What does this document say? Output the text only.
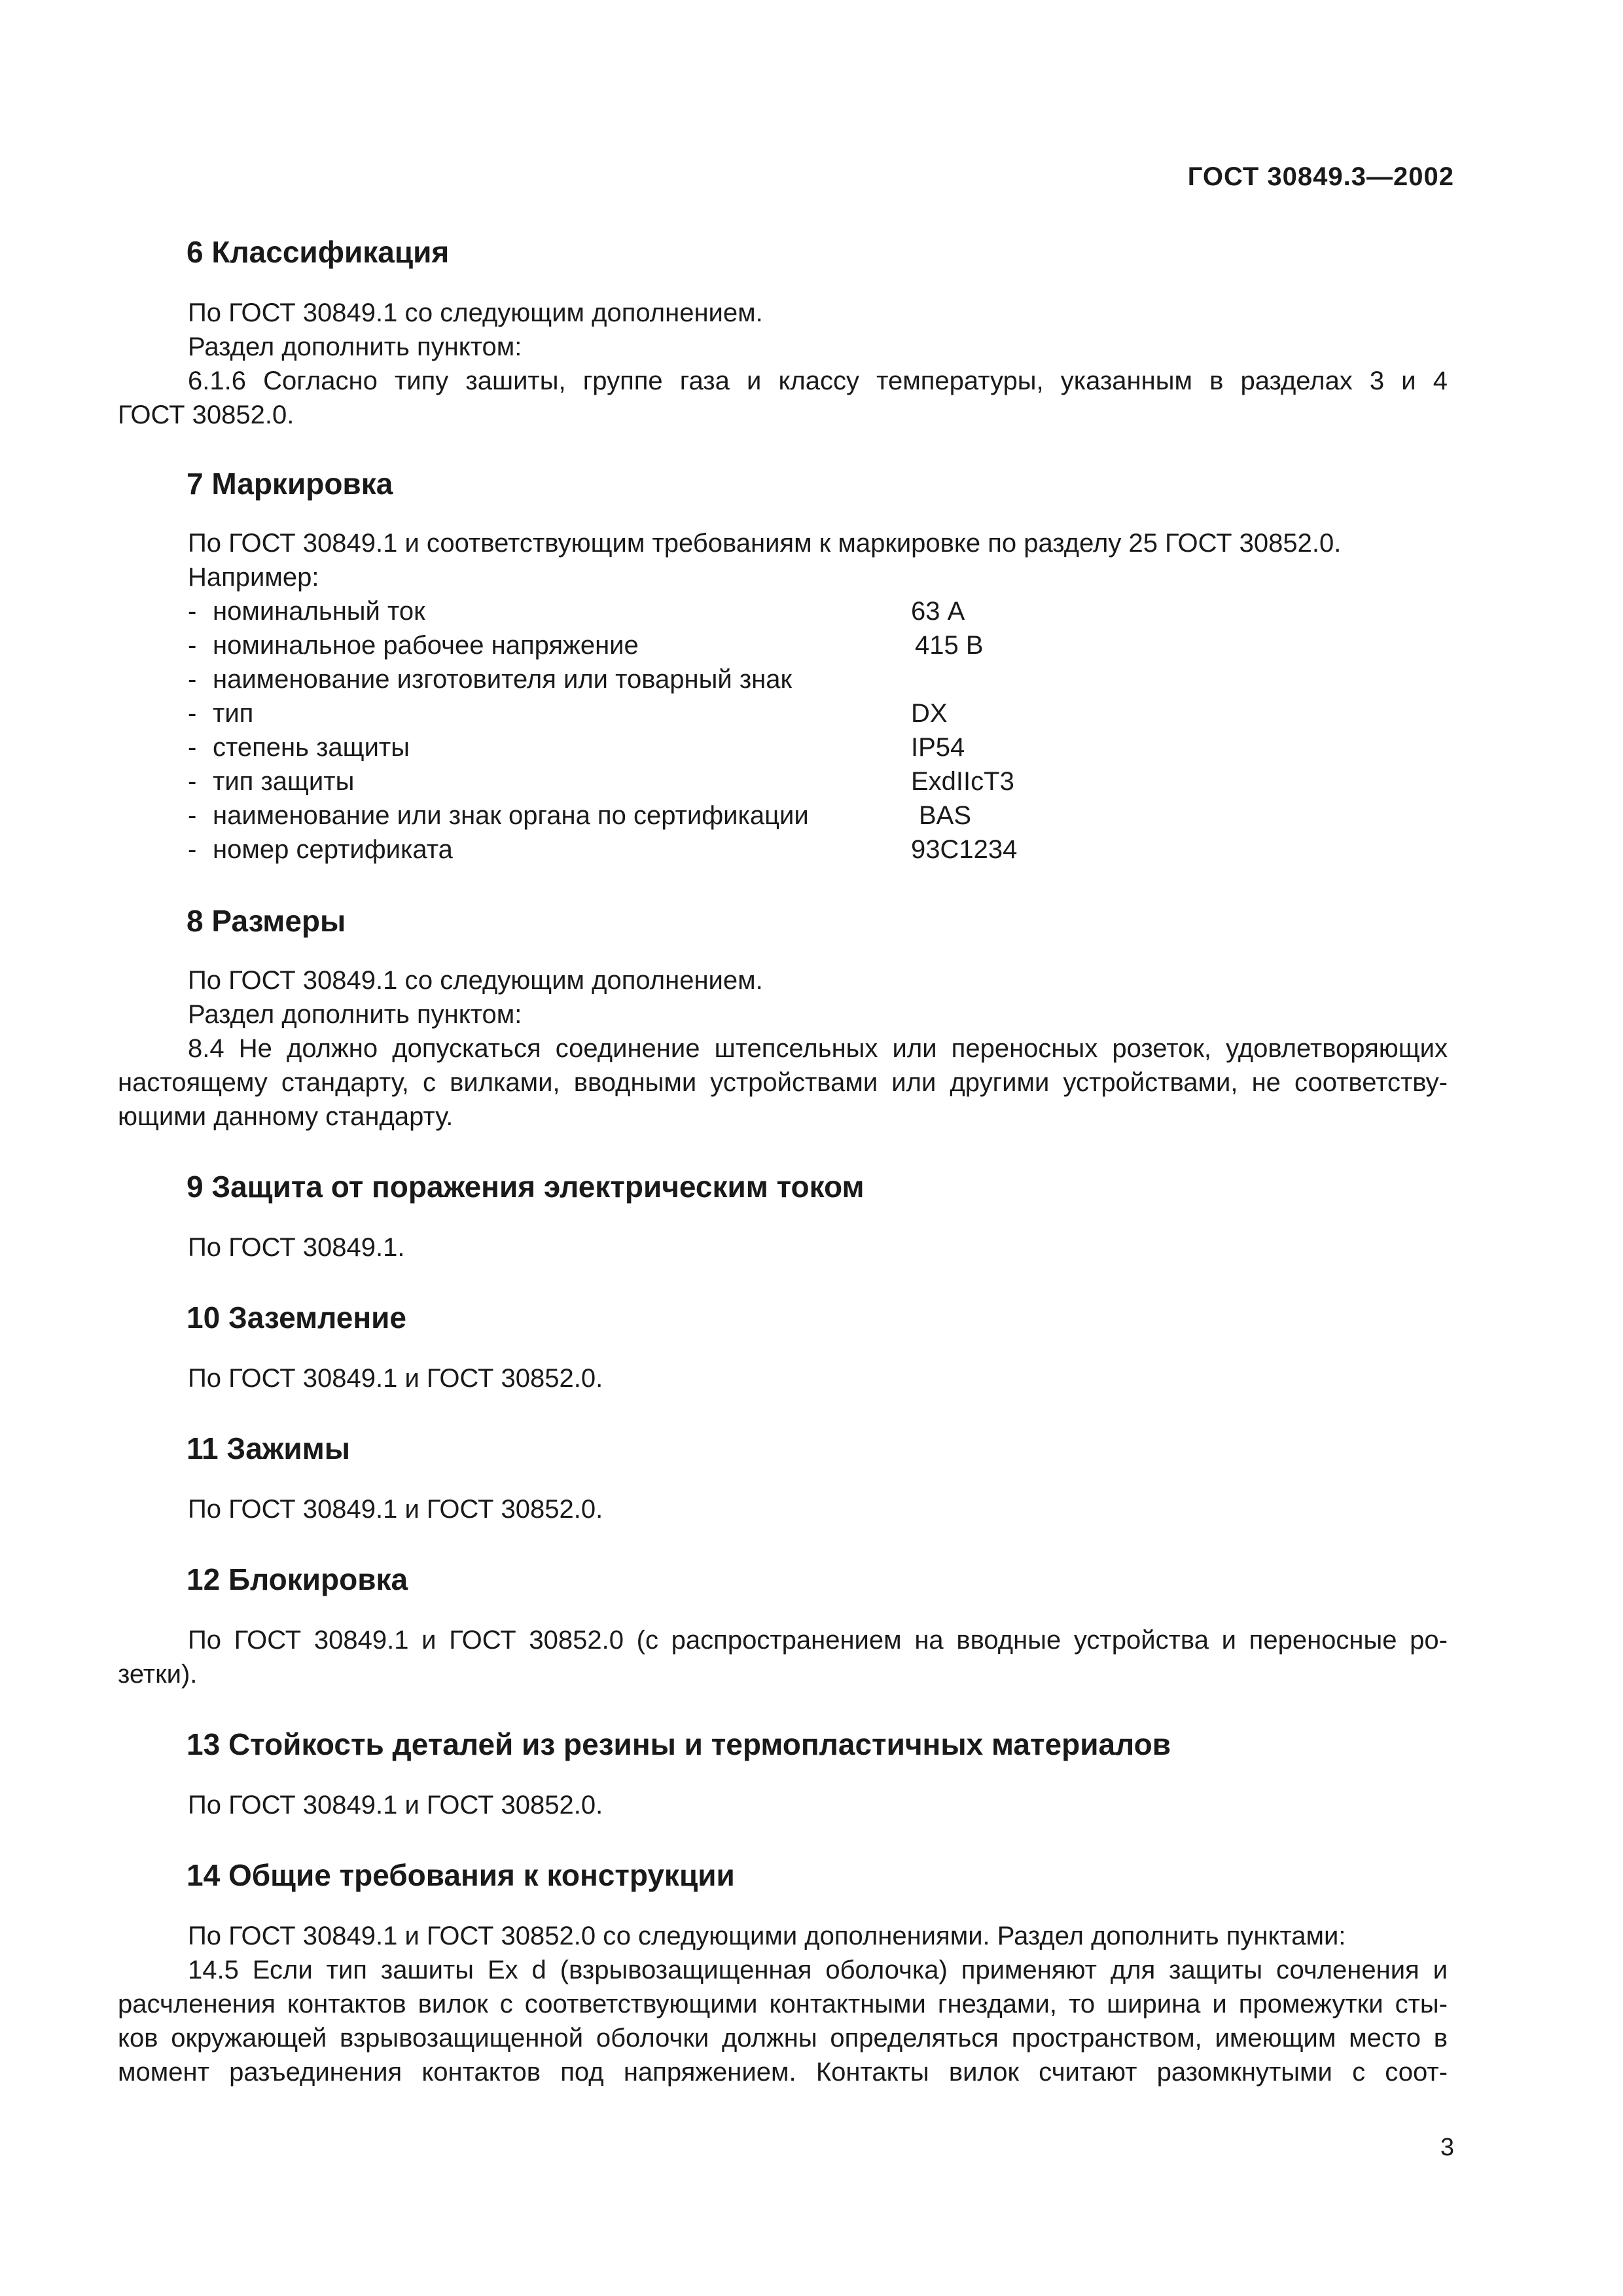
ГОСТ 30849.3—2002
6 Классификация

По ГОСТ 30849.1 со следующим дополнением.

Раздел дополнить пунктом:

6.1.6 Согласно типу зашиты, группе газа и классу температуры, указанным в разделах 3 и 4

ГОСТ 30852.0.

7 Маркировка

По ГОСТ 30849.1 и соответствующим требованиям к маркировке по разделу 25 ГОСТ 30852.0.

Например:

- номинальный ток	63 А

- номинальное рабочее напряжение	415 В

- наименование изготовителя или товарный знак

- тип	DX

- степень защиты	IP54

- тип защиты	ExdIIcT3

- наименование или знак органа по сертификации	BAS

- номер сертификата	93С1234

8 Размеры

По ГОСТ 30849.1 со следующим дополнением.

Раздел дополнить пунктом:

8.4 Не должно допускаться соединение штепсельных или переносных розеток, удовлетворяющих

настоящему стандарту, с вилками, вводными устройствами или другими устройствами, не соответству-

ющими данному стандарту.

9 Защита от поражения электрическим током

По ГОСТ 30849.1.

10 Заземление

По ГОСТ 30849.1 и ГОСТ 30852.0.

11 Зажимы

По ГОСТ 30849.1 и ГОСТ 30852.0.

12 Блокировка

По ГОСТ 30849.1 и ГОСТ 30852.0 (с распространением на вводные устройства и переносные ро-

зетки).

13 Стойкость деталей из резины и термопластичных материалов

По ГОСТ 30849.1 и ГОСТ 30852.0.

14 Общие требования к конструкции

По ГОСТ 30849.1 и ГОСТ 30852.0 со следующими дополнениями. Раздел дополнить пунктами:

14.5 Если тип зашиты Ex d (взрывозащищенная оболочка) применяют для защиты сочленения и

расчленения контактов вилок с соответствующими контактными гнездами, то ширина и промежутки сты-

ков окружающей взрывозащищенной оболочки должны определяться пространством, имеющим место в

момент разъединения контактов под напряжением. Контакты вилок считают разомкнутыми с соот-

3
